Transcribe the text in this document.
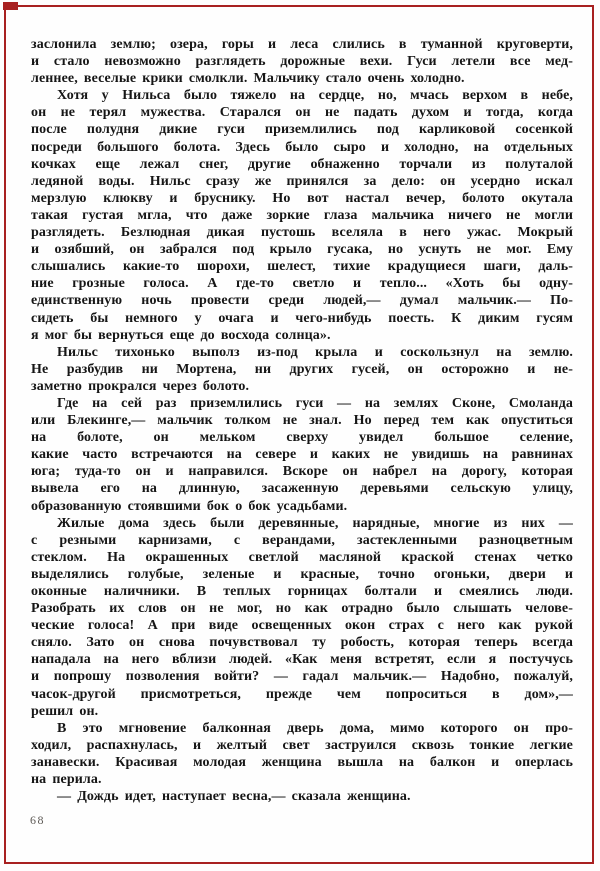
заслонила землю; озера, горы и леса слились в туманной круговерти,
и стало невозможно разглядеть дорожные вехи. Гуси летели все мед-
леннее, веселые крики смолкли. Мальчику стало очень холодно.
Хотя у Нильса было тяжело на сердце, но, мчась верхом в небе,
он не терял мужества. Старался он не падать духом и тогда, когда
после полудня дикие гуси приземлились под карликовой сосенкой
посреди большого болота. Здесь было сыро и холодно, на отдельных
кочках еще лежал снег, другие обнаженно торчали из полуталой
ледяной воды. Нильс сразу же принялся за дело: он усердно искал
мерзлую клюкву и бруснику. Но вот настал вечер, болото окутала
такая густая мгла, что даже зоркие глаза мальчика ничего не могли
разглядеть. Безлюдная дикая пустошь вселяла в него ужас. Мокрый
и озябший, он забрался под крыло гусака, но уснуть не мог. Ему
слышались какие-то шорохи, шелест, тихие крадущиеся шаги, даль-
ние грозные голоса. А где-то светло и тепло... «Хоть бы одну-
единственную ночь провести среди людей,— думал мальчик.— По-
сидеть бы немного у очага и чего-нибудь поесть. К диким гусям
я мог бы вернуться еще до восхода солнца».
Нильс тихонько выполз из-под крыла и соскользнул на землю.
Не разбудив ни Мортена, ни других гусей, он осторожно и не-
заметно прокрался через болото.
Где на сей раз приземлились гуси — на землях Сконе, Смоланда
или Блекинге,— мальчик толком не знал. Но перед тем как опуститься
на болоте, он мельком сверху увидел большое селение,
какие часто встречаются на севере и каких не увидишь на равнинах
юга; туда-то он и направился. Вскоре он набрел на дорогу, которая
вывела его на длинную, засаженную деревьями сельскую улицу,
образованную стоявшими бок о бок усадьбами.
Жилые дома здесь были деревянные, нарядные, многие из них —
с резными карнизами, с верандами, застекленными разноцветным
стеклом. На окрашенных светлой масляной краской стенах четко
выделялись голубые, зеленые и красные, точно огоньки, двери и
оконные наличники. В теплых горницах болтали и смеялись люди.
Разобрать их слов он не мог, но как отрадно было слышать челове-
ческие голоса! А при виде освещенных окон страх с него как рукой
сняло. Зато он снова почувствовал ту робость, которая теперь всегда
нападала на него вблизи людей. «Как меня встретят, если я постучусь
и попрошу позволения войти? — гадал мальчик.— Надобно, пожалуй,
часок-другой присмотреться, прежде чем попроситься в дом»,—
решил он.
В это мгновение балконная дверь дома, мимо которого он про-
ходил, распахнулась, и желтый свет заструился сквозь тонкие легкие
занавески. Красивая молодая женщина вышла на балкон и оперлась
на перила.
— Дождь идет, наступает весна,— сказала женщина.
68
